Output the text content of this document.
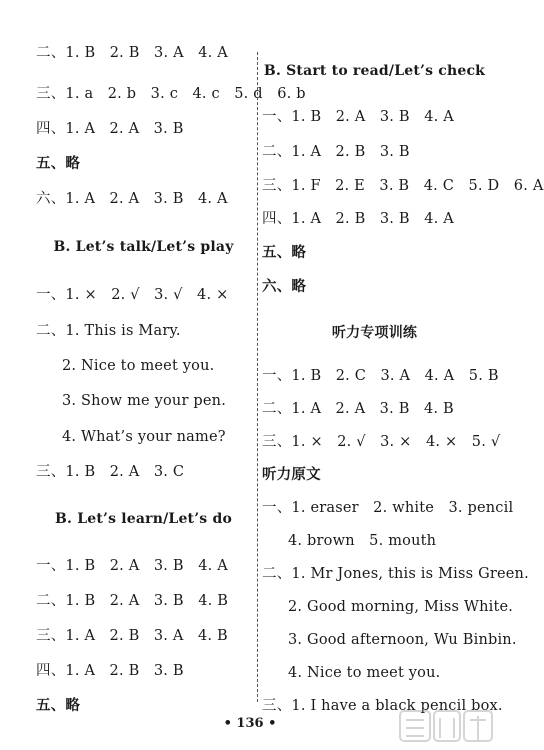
二、1. B   2. B   3. A   4. A
三、1. a   2. b   3. c   4. c   5. d   6. b
四、1. A   2. A   3. B
五、略
六、1. A   2. A   3. B   4. A
B. Let’s talk/Let’s play
一、1. ×   2. √   3. √   4. ×
二、1. This is Mary.
2. Nice to meet you.
3. Show me your pen.
4. What’s your name?
三、1. B   2. A   3. C
B. Let’s learn/Let’s do
一、1. B   2. A   3. B   4. A
二、1. B   2. A   3. B   4. B
三、1. A   2. B   3. A   4. B
四、1. A   2. B   3. B
五、略
B. Start to read/Let’s check
一、1. B   2. A   3. B   4. A
二、1. A   2. B   3. B
三、1. F   2. E   3. B   4. C   5. D   6. A
四、1. A   2. B   3. B   4. A
五、略
六、略
听力专项训练
一、1. B   2. C   3. A   4. A   5. B
二、1. A   2. A   3. B   4. B
三、1. ×   2. √   3. ×   4. ×   5. √
听力原文
一、1. eraser   2. white   3. pencil
4. brown   5. mouth
二、1. Mr Jones, this is Miss Green.
2. Good morning, Miss White.
3. Good afternoon, Wu Binbin.
4. Nice to meet you.
三、1. I have a black pencil box.
• 136 •
